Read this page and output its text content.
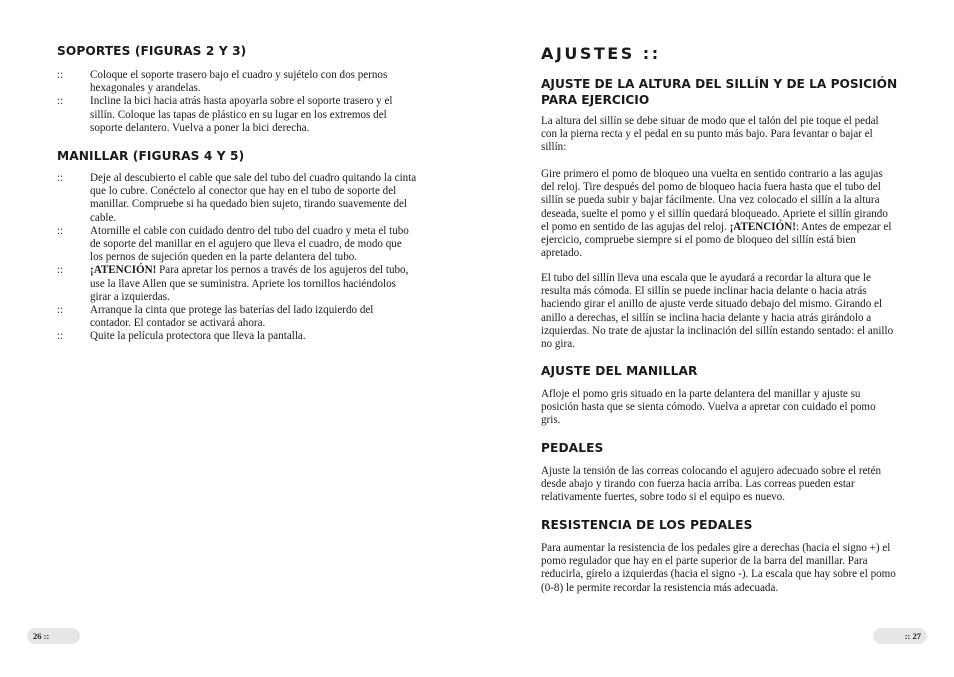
SOPORTES (FIGURAS 2 Y 3)
:: Coloque el soporte trasero bajo el cuadro y sujételo con dos pernos hexagonales y arandelas.
:: Incline la bici hacia atrás hasta apoyarla sobre el soporte trasero y el sillín. Coloque las tapas de plástico en su lugar en los extremos del soporte delantero. Vuelva a poner la bici derecha.
MANILLAR (FIGURAS 4 Y 5)
:: Deje al descubierto el cable que sale del tubo del cuadro quitando la cinta que lo cubre. Conéctelo al conector que hay en el tubo de soporte del manillar. Compruebe si ha quedado bien sujeto, tirando suavemente del cable.
:: Atornille el cable con cuidado dentro del tubo del cuadro y meta el tubo de soporte del manillar en el agujero que lleva el cuadro, de modo que los pernos de sujeción queden en la parte delantera del tubo.
:: ¡ATENCIÓN! Para apretar los pernos a través de los agujeros del tubo, use la llave Allen que se suministra. Apriete los tornillos haciéndolos girar a izquierdas.
:: Arranque la cinta que protege las baterías del lado izquierdo del contador. El contador se activará ahora.
:: Quite la película protectora que lleva la pantalla.
26 ::
AJUSTES ::
AJUSTE DE LA ALTURA DEL SILLÍN Y DE LA POSICIÓN PARA EJERCICIO

La altura del sillín se debe situar de modo que el talón del pie toque el pedal con la pierna recta y el pedal en su punto más bajo. Para levantar o bajar el sillín:

Gire primero el pomo de bloqueo una vuelta en sentido contrario a las agujas del reloj. Tire después del pomo de bloqueo hacia fuera hasta que el tubo del sillín se pueda subir y bajar fácilmente. Una vez colocado el sillín a la altura deseada, suelte el pomo y el sillín quedará bloqueado. Apriete el sillín girando el pomo en sentido de las agujas del reloj. ¡ATENCIÓN!: Antes de empezar el ejercicio, compruebe siempre si el pomo de bloqueo del sillín está bien apretado.

El tubo del sillín lleva una escala que le ayudará a recordar la altura que le resulta más cómoda. El sillín se puede inclinar hacia delante o hacia atrás haciendo girar el anillo de ajuste verde situado debajo del mismo. Girando el anillo a derechas, el sillín se inclina hacia delante y hacia atrás girándolo a izquierdas. No trate de ajustar la inclinación del sillín estando sentado: el anillo no gira.

AJUSTE DEL MANILLAR

Afloje el pomo gris situado en la parte delantera del manillar y ajuste su posición hasta que se sienta cómodo. Vuelva a apretar con cuidado el pomo gris.

PEDALES

Ajuste la tensión de las correas colocando el agujero adecuado sobre el retén desde abajo y tirando con fuerza hacia arriba. Las correas pueden estar relativamente fuertes, sobre todo si el equipo es nuevo.

RESISTENCIA DE LOS PEDALES

Para aumentar la resistencia de los pedales gire a derechas (hacia el signo +) el pomo regulador que hay en el parte superior de la barra del manillar. Para reducirla, gírelo a izquierdas (hacia el signo -). La escala que hay sobre el pomo (0-8) le permite recordar la resistencia más adecuada.

:: 27
